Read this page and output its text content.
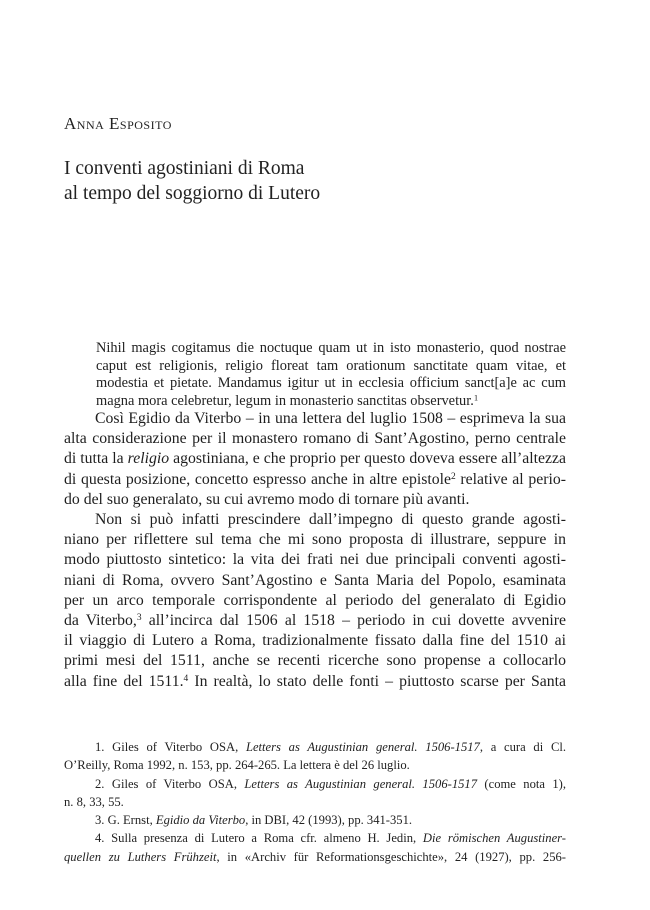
Anna Esposito
I conventi agostiniani di Roma
al tempo del soggiorno di Lutero
Nihil magis cogitamus die noctuque quam ut in isto monasterio, quod nostrae
caput est religionis, religio floreat tam orationum sanctitate quam vitae, et
modestia et pietate. Mandamus igitur ut in ecclesia officium sanct[a]e ac cum
magna mora celebretur, legum in monasterio sanctitas observetur.$^1$
Così Egidio da Viterbo – in una lettera del luglio 1508 – esprimeva la sua
alta considerazione per il monastero romano di Sant’Agostino, perno centrale
di tutta la religio agostiniana, e che proprio per questo doveva essere all’altezza
di questa posizione, concetto espresso anche in altre epistole$^2$ relative al perio-
do del suo generalato, su cui avremo modo di tornare più avanti.
Non si può infatti prescindere dall’impegno di questo grande agosti-
niano per riflettere sul tema che mi sono proposta di illustrare, seppure in
modo piuttosto sintetico: la vita dei frati nei due principali conventi agosti-
niani di Roma, ovvero Sant’Agostino e Santa Maria del Popolo, esaminata
per un arco temporale corrispondente al periodo del generalato di Egidio
da Viterbo,$^3$ all’incirca dal 1506 al 1518 – periodo in cui dovette avvenire
il viaggio di Lutero a Roma, tradizionalmente fissato dalla fine del 1510 ai
primi mesi del 1511, anche se recenti ricerche sono propense a collocarlo
alla fine del 1511.$^4$ In realtà, lo stato delle fonti – piuttosto scarse per Santa
1. Giles of Viterbo OSA, Letters as Augustinian general. 1506-1517, a cura di Cl.
O’Reilly, Roma 1992, n. 153, pp. 264-265. La lettera è del 26 luglio.
2. Giles of Viterbo OSA, Letters as Augustinian general. 1506-1517 (come nota 1),
n. 8, 33, 55.
3. G. Ernst, Egidio da Viterbo, in DBI, 42 (1993), pp. 341-351.
4. Sulla presenza di Lutero a Roma cfr. almeno H. Jedin, Die römischen Augustiner-
quellen zu Luthers Frühzeit, in «Archiv für Reformationsgeschichte», 24 (1927), pp. 256-
